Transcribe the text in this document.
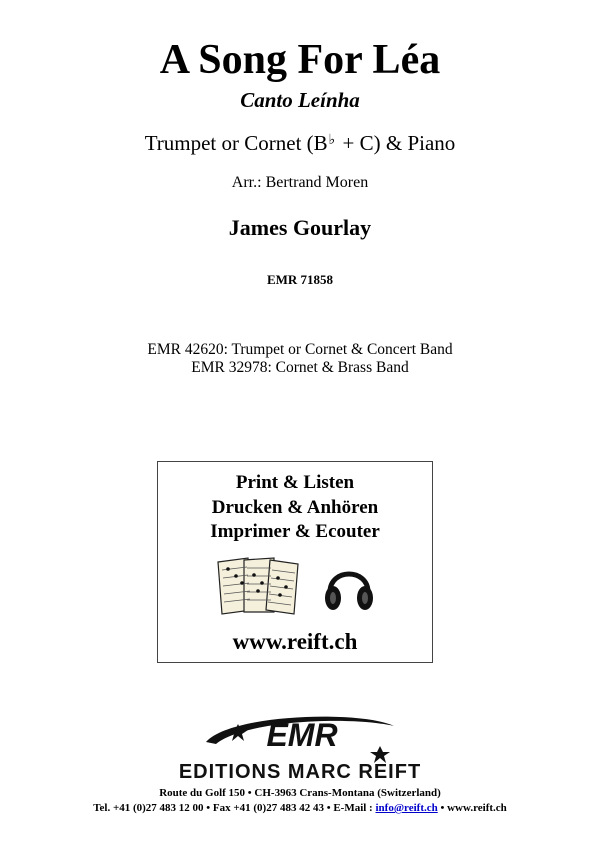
A Song For Léa
Canto Leínha
Trumpet or Cornet (B♭ + C) & Piano
Arr.: Bertrand Moren
James Gourlay
EMR 71858
EMR 42620: Trumpet or Cornet & Concert Band
EMR 32978: Cornet & Brass Band
Print & Listen
Drucken & Anhören
Imprimer & Ecouter
www.reift.ch
EMR
EDITIONS MARC REIFT
Route du Golf 150 • CH-3963 Crans-Montana (Switzerland)
Tel. +41 (0)27 483 12 00 • Fax +41 (0)27 483 42 43 • E-Mail : info@reift.ch • www.reift.ch
